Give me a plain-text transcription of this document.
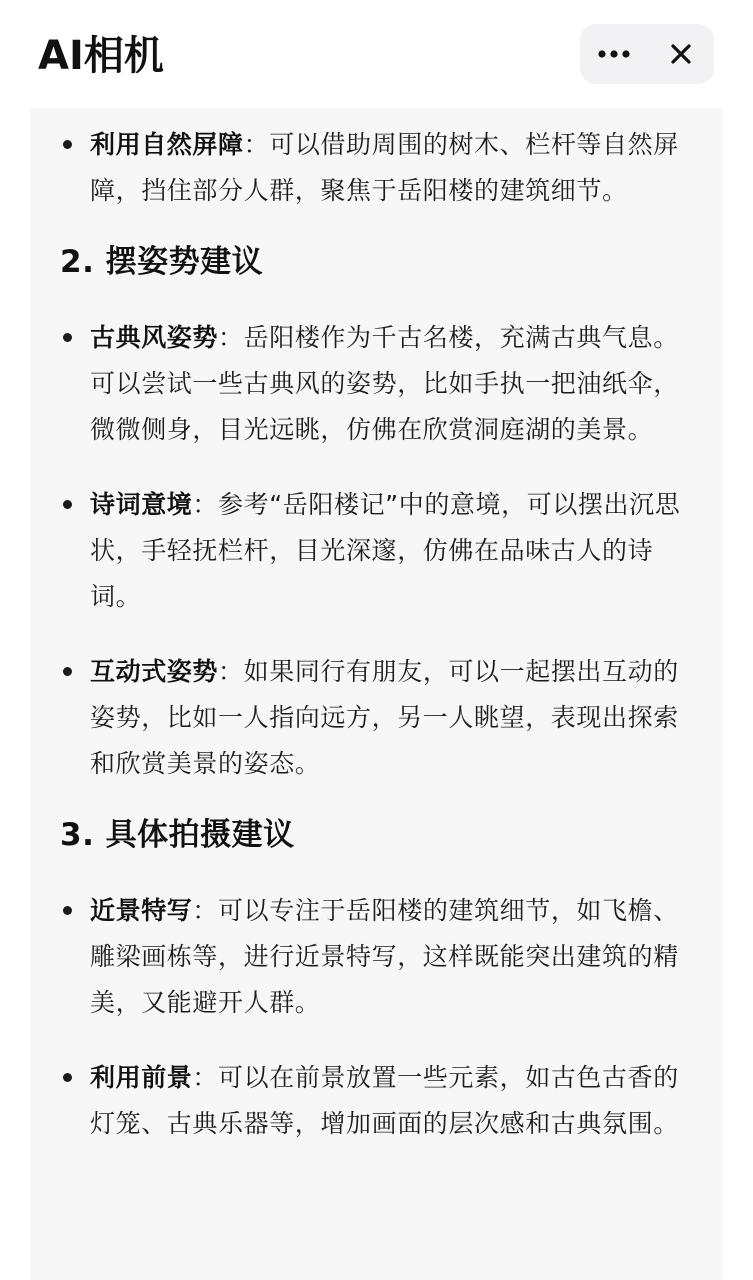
AI相机

利用自然屏障：可以借助周围的树木、栏杆等自然屏障，挡住部分人群，聚焦于岳阳楼的建筑细节。

2. 摆姿势建议

古典风姿势：岳阳楼作为千古名楼，充满古典气息。可以尝试一些古典风的姿势，比如手执一把油纸伞，微微侧身，目光远眺，仿佛在欣赏洞庭湖的美景。

诗词意境：参考“岳阳楼记”中的意境，可以摆出沉思状，手轻抚栏杆，目光深邃，仿佛在品味古人的诗词。

互动式姿势：如果同行有朋友，可以一起摆出互动的姿势，比如一人指向远方，另一人眺望，表现出探索和欣赏美景的姿态。

3. 具体拍摄建议

近景特写：可以专注于岳阳楼的建筑细节，如飞檐、雕梁画栋等，进行近景特写，这样既能突出建筑的精美，又能避开人群。

利用前景：可以在前景放置一些元素，如古色古香的灯笼、古典乐器等，增加画面的层次感和古典氛围。
